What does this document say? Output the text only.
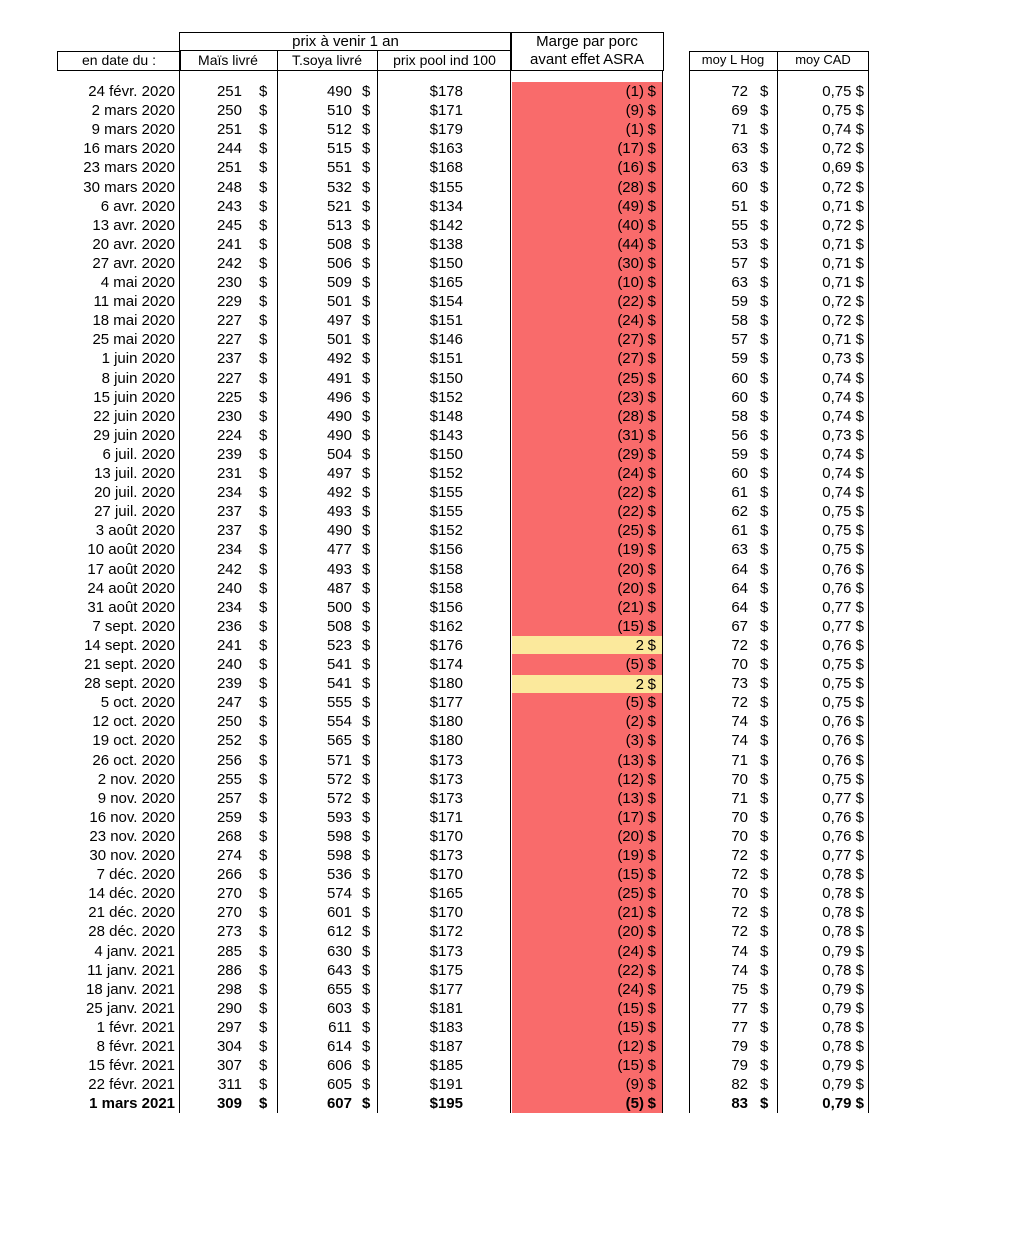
en date du :
prix à venir 1 an
Maïs livré	T.soya livré	prix pool ind 100
Marge par porc
avant effet ASRA	moy L Hog	moy CAD
24 févr. 2020	251 $	490 $	$178	(1) $	72 $	0,75 $
2 mars 2020	250 $	510 $	$171	(9) $	69 $	0,75 $
9 mars 2020	251 $	512 $	$179	(1) $	71 $	0,74 $
16 mars 2020	244 $	515 $	$163	(17) $	63 $	0,72 $
23 mars 2020	251 $	551 $	$168	(16) $	63 $	0,69 $
30 mars 2020	248 $	532 $	$155	(28) $	60 $	0,72 $
6 avr. 2020	243 $	521 $	$134	(49) $	51 $	0,71 $
13 avr. 2020	245 $	513 $	$142	(40) $	55 $	0,72 $
20 avr. 2020	241 $	508 $	$138	(44) $	53 $	0,71 $
27 avr. 2020	242 $	506 $	$150	(30) $	57 $	0,71 $
4 mai 2020	230 $	509 $	$165	(10) $	63 $	0,71 $
11 mai 2020	229 $	501 $	$154	(22) $	59 $	0,72 $
18 mai 2020	227 $	497 $	$151	(24) $	58 $	0,72 $
25 mai 2020	227 $	501 $	$146	(27) $	57 $	0,71 $
1 juin 2020	237 $	492 $	$151	(27) $	59 $	0,73 $
8 juin 2020	227 $	491 $	$150	(25) $	60 $	0,74 $
15 juin 2020	225 $	496 $	$152	(23) $	60 $	0,74 $
22 juin 2020	230 $	490 $	$148	(28) $	58 $	0,74 $
29 juin 2020	224 $	490 $	$143	(31) $	56 $	0,73 $
6 juil. 2020	239 $	504 $	$150	(29) $	59 $	0,74 $
13 juil. 2020	231 $	497 $	$152	(24) $	60 $	0,74 $
20 juil. 2020	234 $	492 $	$155	(22) $	61 $	0,74 $
27 juil. 2020	237 $	493 $	$155	(22) $	62 $	0,75 $
3 août 2020	237 $	490 $	$152	(25) $	61 $	0,75 $
10 août 2020	234 $	477 $	$156	(19) $	63 $	0,75 $
17 août 2020	242 $	493 $	$158	(20) $	64 $	0,76 $
24 août 2020	240 $	487 $	$158	(20) $	64 $	0,76 $
31 août 2020	234 $	500 $	$156	(21) $	64 $	0,77 $
7 sept. 2020	236 $	508 $	$162	(15) $	67 $	0,77 $
14 sept. 2020	241 $	523 $	$176	2 $	72 $	0,76 $
21 sept. 2020	240 $	541 $	$174	(5) $	70 $	0,75 $
28 sept. 2020	239 $	541 $	$180	2 $	73 $	0,75 $
5 oct. 2020	247 $	555 $	$177	(5) $	72 $	0,75 $
12 oct. 2020	250 $	554 $	$180	(2) $	74 $	0,76 $
19 oct. 2020	252 $	565 $	$180	(3) $	74 $	0,76 $
26 oct. 2020	256 $	571 $	$173	(13) $	71 $	0,76 $
2 nov. 2020	255 $	572 $	$173	(12) $	70 $	0,75 $
9 nov. 2020	257 $	572 $	$173	(13) $	71 $	0,77 $
16 nov. 2020	259 $	593 $	$171	(17) $	70 $	0,76 $
23 nov. 2020	268 $	598 $	$170	(20) $	70 $	0,76 $
30 nov. 2020	274 $	598 $	$173	(19) $	72 $	0,77 $
7 déc. 2020	266 $	536 $	$170	(15) $	72 $	0,78 $
14 déc. 2020	270 $	574 $	$165	(25) $	70 $	0,78 $
21 déc. 2020	270 $	601 $	$170	(21) $	72 $	0,78 $
28 déc. 2020	273 $	612 $	$172	(20) $	72 $	0,78 $
4 janv. 2021	285 $	630 $	$173	(24) $	74 $	0,79 $
11 janv. 2021	286 $	643 $	$175	(22) $	74 $	0,78 $
18 janv. 2021	298 $	655 $	$177	(24) $	75 $	0,79 $
25 janv. 2021	290 $	603 $	$181	(15) $	77 $	0,79 $
1 févr. 2021	297 $	611 $	$183	(15) $	77 $	0,78 $
8 févr. 2021	304 $	614 $	$187	(12) $	79 $	0,78 $
15 févr. 2021	307 $	606 $	$185	(15) $	79 $	0,79 $
22 févr. 2021	311 $	605 $	$191	(9) $	82 $	0,79 $
1 mars 2021	309 $	607 $	$195	(5) $	83 $	0,79 $
